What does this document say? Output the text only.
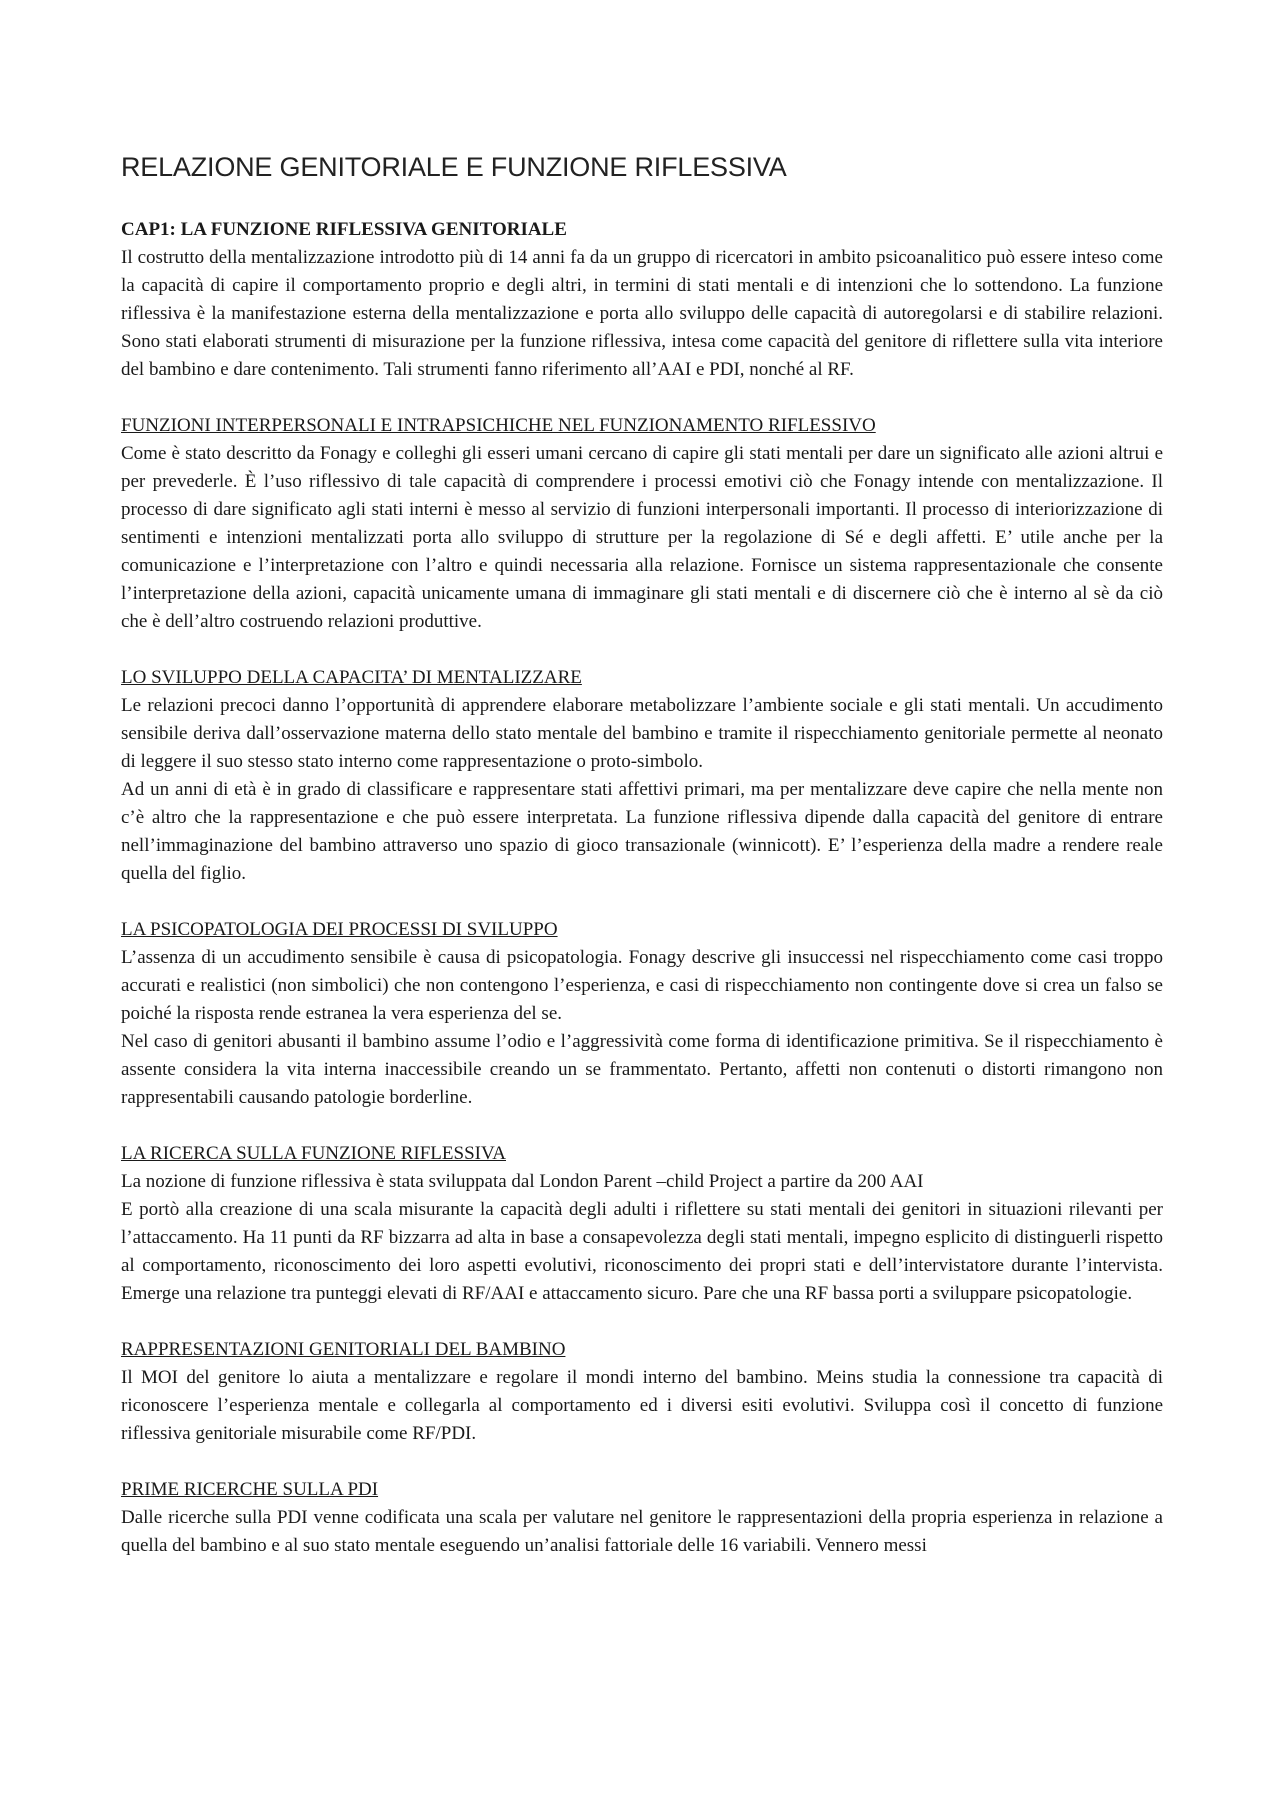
RELAZIONE GENITORIALE E FUNZIONE RIFLESSIVA
CAP1: LA FUNZIONE RIFLESSIVA GENITORIALE

Il costrutto della mentalizzazione introdotto più di 14 anni fa da un gruppo di ricercatori in ambito psicoanalitico può essere inteso come la capacità di capire il comportamento proprio e degli altri, in termini di stati mentali e di intenzioni che lo sottendono. La funzione riflessiva è la manifestazione esterna della mentalizzazione e porta allo sviluppo delle capacità di autoregolarsi e di stabilire relazioni. Sono stati elaborati strumenti di misurazione per la funzione riflessiva, intesa come capacità del genitore di riflettere sulla vita interiore del bambino e dare contenimento. Tali strumenti fanno riferimento all’AAI e PDI, nonché al RF.

FUNZIONI INTERPERSONALI E INTRAPSICHICHE NEL FUNZIONAMENTO RIFLESSIVO

Come è stato descritto da Fonagy e colleghi gli esseri umani cercano di capire gli stati mentali per dare un significato alle azioni altrui e per prevederle. È l’uso riflessivo di tale capacità di comprendere i processi emotivi ciò che Fonagy intende con mentalizzazione. Il processo di dare significato agli stati interni è messo al servizio di funzioni interpersonali importanti. Il processo di interiorizzazione di sentimenti e intenzioni mentalizzati porta allo sviluppo di strutture per la regolazione di Sé e degli affetti. E’ utile anche per la comunicazione e l’interpretazione con l’altro e quindi necessaria alla relazione. Fornisce un sistema rappresentazionale che consente l’interpretazione della azioni, capacità unicamente umana di immaginare gli stati mentali e di discernere ciò che è interno al sè da ciò che è dell’altro costruendo relazioni produttive.

LO SVILUPPO DELLA CAPACITA’ DI MENTALIZZARE

Le relazioni precoci danno l’opportunità di apprendere elaborare metabolizzare l’ambiente sociale e gli stati mentali. Un accudimento sensibile deriva dall’osservazione materna dello stato mentale del bambino e tramite il rispecchiamento genitoriale permette al neonato di leggere il suo stesso stato interno come rappresentazione o proto-simbolo.

Ad un anni di età è in grado di classificare e rappresentare stati affettivi primari, ma per mentalizzare deve capire che nella mente non c’è altro che la rappresentazione e che può essere interpretata. La funzione riflessiva dipende dalla capacità del genitore di entrare nell’immaginazione del bambino attraverso uno spazio di gioco transazionale (winnicott). E’ l’esperienza della madre a rendere reale quella del figlio.

LA PSICOPATOLOGIA DEI PROCESSI DI SVILUPPO

L’assenza di un accudimento sensibile è causa di psicopatologia. Fonagy descrive gli insuccessi nel rispecchiamento come casi troppo accurati e realistici (non simbolici) che non contengono l’esperienza, e casi di rispecchiamento non contingente dove si crea un falso se poiché la risposta rende estranea la vera esperienza del se.

Nel caso di genitori abusanti il bambino assume l’odio e l’aggressività come forma di identificazione primitiva. Se il rispecchiamento è assente considera la vita interna inaccessibile creando un se frammentato. Pertanto, affetti non contenuti o distorti rimangono non rappresentabili causando patologie borderline.

LA RICERCA SULLA FUNZIONE RIFLESSIVA

La nozione di funzione riflessiva è stata sviluppata dal London Parent –child Project a partire da 200 AAI

E portò alla creazione di una scala misurante la capacità degli adulti i riflettere su stati mentali dei genitori in situazioni rilevanti per l’attaccamento. Ha 11 punti da RF bizzarra ad alta in base a consapevolezza degli stati mentali, impegno esplicito di distinguerli rispetto al comportamento, riconoscimento dei loro aspetti evolutivi, riconoscimento dei propri stati e dell’intervistatore durante l’intervista. Emerge una relazione tra punteggi elevati di RF/AAI e attaccamento sicuro. Pare che una RF bassa porti a sviluppare psicopatologie.

RAPPRESENTAZIONI GENITORIALI DEL BAMBINO

Il MOI del genitore lo aiuta a mentalizzare e regolare il mondi interno del bambino. Meins studia la connessione tra capacità di riconoscere l’esperienza mentale e collegarla al comportamento ed i diversi esiti evolutivi. Sviluppa così il concetto di funzione riflessiva genitoriale misurabile come RF/PDI.

PRIME RICERCHE SULLA PDI

Dalle ricerche sulla PDI venne codificata una scala per valutare nel genitore le rappresentazioni della propria esperienza in relazione a quella del bambino e al suo stato mentale eseguendo un’analisi fattoriale delle 16 variabili. Vennero messi
